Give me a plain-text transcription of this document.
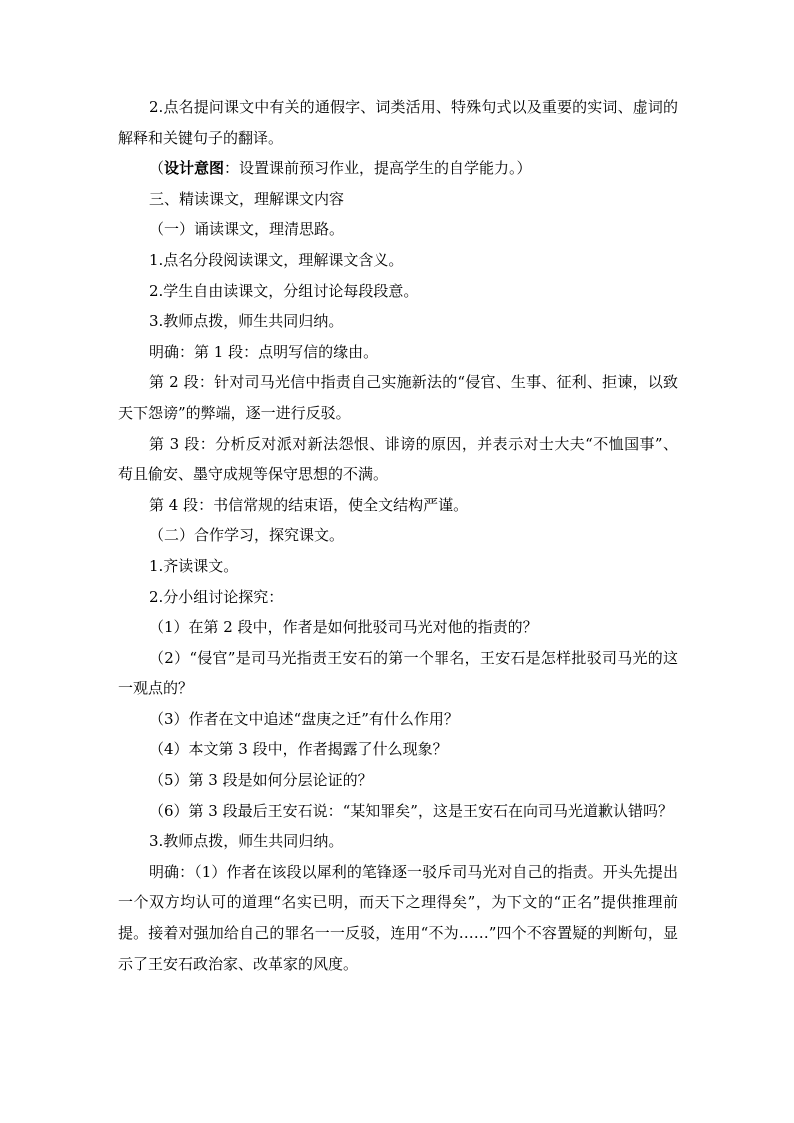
2.点名提问课文中有关的通假字、词类活用、特殊句式以及重要的实词、虚词的解释和关键句子的翻译。

（设计意图：设置课前预习作业，提高学生的自学能力。）

三、精读课文，理解课文内容

（一）诵读课文，理清思路。

1.点名分段阅读课文，理解课文含义。

2.学生自由读课文，分组讨论每段段意。

3.教师点拨，师生共同归纳。

明确：第 1 段：点明写信的缘由。

第 2 段：针对司马光信中指责自己实施新法的“侵官、生事、征利、拒谏，以致天下怨谤”的弊端，逐一进行反驳。

第 3 段：分析反对派对新法怨恨、诽谤的原因，并表示对士大夫“不恤国事”、苟且偷安、墨守成规等保守思想的不满。

第 4 段：书信常规的结束语，使全文结构严谨。

（二）合作学习，探究课文。

1.齐读课文。

2.分小组讨论探究：

（1）在第 2 段中，作者是如何批驳司马光对他的指责的？

（2）“侵官”是司马光指责王安石的第一个罪名，王安石是怎样批驳司马光的这一观点的？

（3）作者在文中追述“盘庚之迁”有什么作用？

（4）本文第 3 段中，作者揭露了什么现象？

（5）第 3 段是如何分层论证的？

（6）第 3 段最后王安石说：“某知罪矣”，这是王安石在向司马光道歉认错吗？

3.教师点拨，师生共同归纳。

明确：（1）作者在该段以犀利的笔锋逐一驳斥司马光对自己的指责。开头先提出一个双方均认可的道理“名实已明，而天下之理得矣”，为下文的“正名”提供推理前提。接着对强加给自己的罪名一一反驳，连用“不为……”四个不容置疑的判断句，显示了王安石政治家、改革家的风度。
